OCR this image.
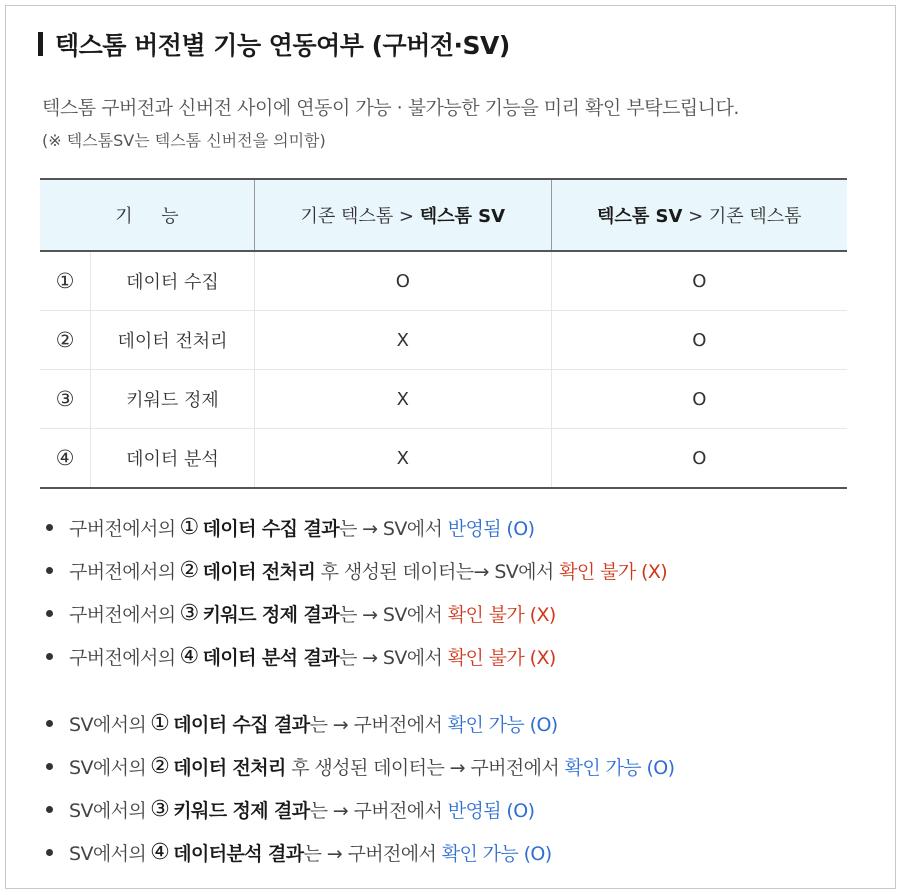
텍스톰 버전별 기능 연동여부 (구버전·SV)
텍스톰 구버전과 신버전 사이에 연동이 가능 · 불가능한 기능을 미리 확인 부탁드립니다.
(※ 텍스톰SV는 텍스톰 신버전을 의미함)
기     능		기존 텍스톰 > 텍스톰 SV	텍스톰 SV > 기존 텍스톰
①	데이터 수집	O	O
②	데이터 전처리	X	O
③	키워드 정제	X	O
④	데이터 분석	X	O
구버전에서의 ① 데이터 수집 결과 는 → SV에서 반영됨 (O)
구버전에서의 ② 데이터 전처리 후 생성된 데이터는→ SV에서 확인 불가 (X)
구버전에서의 ③ 키워드 정제 결과 는 → SV에서 확인 불가 (X)
구버전에서의 ④ 데이터 분석 결과 는 → SV에서 확인 불가 (X)
SV에서의 ① 데이터 수집 결과 는 → 구버전에서 확인 가능 (O)
SV에서의 ② 데이터 전처리 후 생성된 데이터는 → 구버전에서 확인 가능 (O)
SV에서의 ③ 키워드 정제 결과 는 → 구버전에서 반영됨 (O)
SV에서의 ④ 데이터분석 결과 는 → 구버전에서 확인 가능 (O)
